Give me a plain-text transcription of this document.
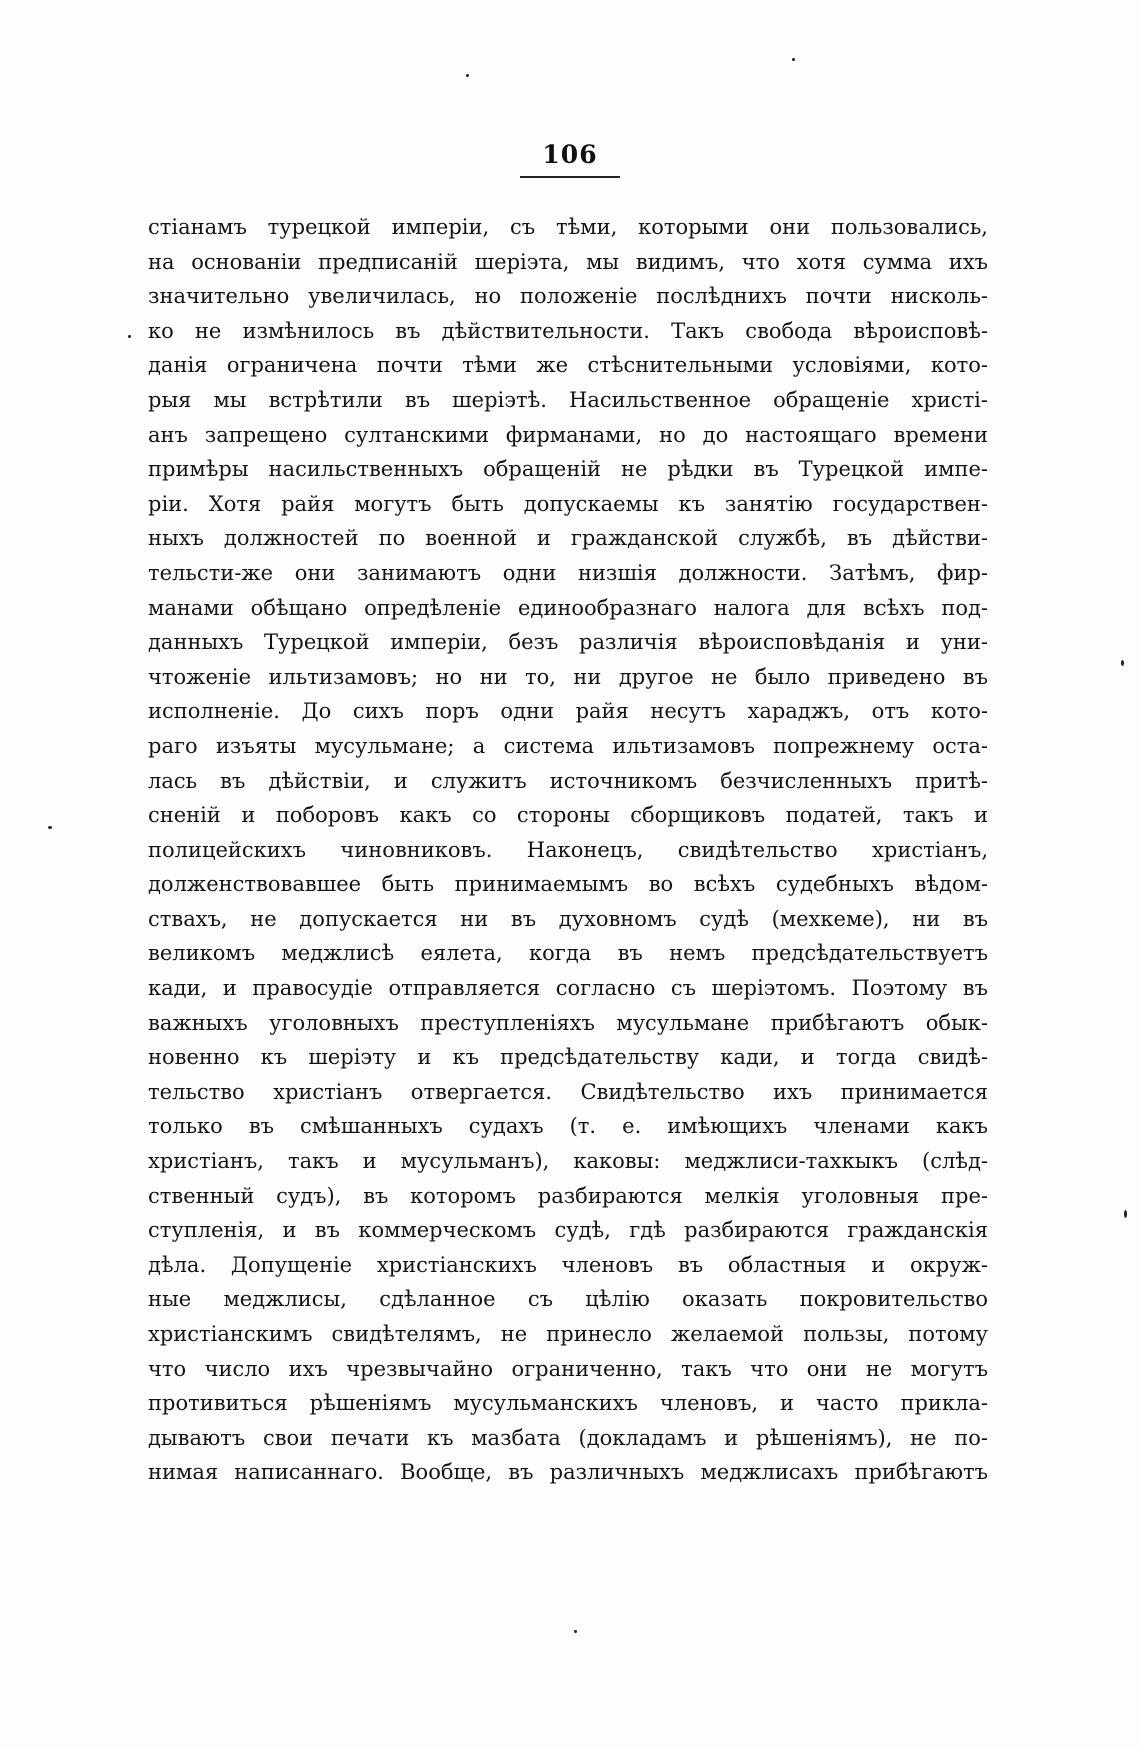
106
стіанамъ турецкой имперіи, съ тѣми, которыми они пользовались,
на основаніи предписаній шеріэта, мы видимъ, что хотя сумма ихъ
значительно увеличилась, но положеніе послѣднихъ почти нисколь-
ко не измѣнилось въ дѣйствительности. Такъ свобода вѣроисповѣ-
данія ограничена почти тѣми же стѣснительными условіями, кото-
рыя мы встрѣтили въ шеріэтѣ. Насильственное обращеніе христі-
анъ запрещено султанскими фирманами, но до настоящаго времени
примѣры насильственныхъ обращеній не рѣдки въ Турецкой импе-
ріи. Хотя райя могутъ быть допускаемы къ занятію государствен-
ныхъ должностей по военной и гражданской службѣ, въ дѣйстви-
тельсти-же они занимаютъ одни низшія должности. Затѣмъ, фир-
манами обѣщано опредѣленіе единообразнаго налога для всѣхъ под-
данныхъ Турецкой имперіи, безъ различія вѣроисповѣданія и уни-
чтоженіе ильтизамовъ; но ни то, ни другое не было приведено въ
исполненіе. До сихъ поръ одни райя несутъ хараджъ, отъ кото-
раго изъяты мусульмане; а система ильтизамовъ попрежнему оста-
лась въ дѣйствіи, и служитъ источникомъ безчисленныхъ притѣ-
сненій и поборовъ какъ со стороны сборщиковъ податей, такъ и
полицейскихъ чиновниковъ. Наконецъ, свидѣтельство христіанъ,
долженствовавшее быть принимаемымъ во всѣхъ судебныхъ вѣдом-
ствахъ, не допускается ни въ духовномъ судѣ (мехкеме), ни въ
великомъ меджлисѣ еялета, когда въ немъ предсѣдательствуетъ
кади, и правосудіе отправляется согласно съ шеріэтомъ. Поэтому въ
важныхъ уголовныхъ преступленіяхъ мусульмане прибѣгаютъ обык-
новенно къ шеріэту и къ предсѣдательству кади, и тогда свидѣ-
тельство христіанъ отвергается. Свидѣтельство ихъ принимается
только въ смѣшанныхъ судахъ (т. е. имѣющихъ членами какъ
христіанъ, такъ и мусульманъ), каковы: меджлиси-тахкыкъ (слѣд-
ственный судъ), въ которомъ разбираются мелкія уголовныя пре-
ступленія, и въ коммерческомъ судѣ, гдѣ разбираются гражданскія
дѣла. Допущеніе христіанскихъ членовъ въ областныя и окруж-
ные меджлисы, сдѣланное съ цѣлію оказать покровительство
христіанскимъ свидѣтелямъ, не принесло желаемой пользы, потому
что число ихъ чрезвычайно ограниченно, такъ что они не могутъ
противиться рѣшеніямъ мусульманскихъ членовъ, и часто прикла-
дываютъ свои печати къ мазбата (докладамъ и рѣшеніямъ), не по-
нимая написаннаго. Вообще, въ различныхъ меджлисахъ прибѣгаютъ
